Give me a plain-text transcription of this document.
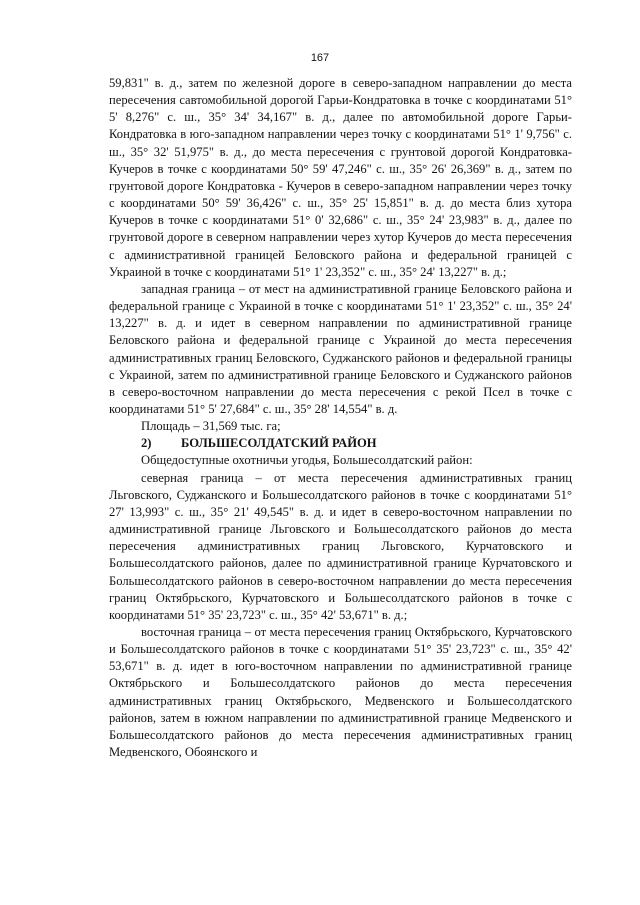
167

59,831" в. д., затем по железной дороге в северо-западном направлении до места пересечения савтомобильной дорогой Гарьи-Кондратовка в точке с координатами 51° 5' 8,276" с. ш., 35° 34' 34,167" в. д., далее по автомобильной дороге Гарьи-Кондратовка в юго-западном направлении через точку с координатами 51° 1' 9,756" с. ш., 35° 32' 51,975" в. д., до места пересечения с грунтовой дорогой Кондратовка- Кучеров в точке с координатами 50° 59' 47,246" с. ш., 35° 26' 26,369" в. д., затем по грунтовой дороге Кондратовка - Кучеров в северо-западном направлении через точку с координатами 50° 59' 36,426" с. ш., 35° 25' 15,851" в. д. до места близ хутора Кучеров в точке с координатами 51° 0' 32,686" с. ш., 35° 24' 23,983" в. д., далее по грунтовой дороге в северном направлении через хутор Кучеров до места пересечения с административной границей Беловского района и федеральной границей с Украиной в точке с координатами 51° 1' 23,352" с. ш., 35° 24' 13,227" в. д.;

западная граница – от мест на административной границе Беловского района и федеральной границе с Украиной в точке с координатами 51° 1' 23,352" с. ш., 35° 24' 13,227" в. д. и идет в северном направлении по административной границе Беловского района и федеральной границе с Украиной до места пересечения административных границ Беловского, Суджанского районов и федеральной границы с Украиной, затем по административной границе Беловского и Суджанского районов в северо-восточном направлении до места пересечения с рекой Псел в точке с координатами 51° 5' 27,684" с. ш., 35° 28' 14,554" в. д.

Площадь – 31,569 тыс. га;

2)	БОЛЬШЕСОЛДАТСКИЙ РАЙОН

Общедоступные охотничьи угодья, Большесолдатский район:

северная граница – от места пересечения административных границ Льговского, Суджанского и Большесолдатского районов в точке с координатами 51° 27' 13,993" с. ш., 35° 21' 49,545" в. д. и идет в северо-восточном направлении по административной границе Льговского и Большесолдатского районов до места пересечения административных границ Льговского, Курчатовского и Большесолдатского районов, далее по административной границе Курчатовского и Большесолдатского районов в северо-восточном направлении до места пересечения границ Октябрьского, Курчатовского и Большесолдатского районов в точке с координатами 51° 35' 23,723" с. ш., 35° 42' 53,671" в. д.;

восточная граница – от места пересечения границ Октябрьского, Курчатовского и Большесолдатского районов в точке с координатами 51° 35' 23,723" с. ш., 35° 42' 53,671" в. д. идет в юго-восточном направлении по административной границе Октябрьского и Большесолдатского районов до места пересечения административных границ Октябрьского, Медвенского и Большесолдатского районов, затем в южном направлении по административной границе Медвенского и Большесолдатского районов до места пересечения административных границ Медвенского, Обоянского и
